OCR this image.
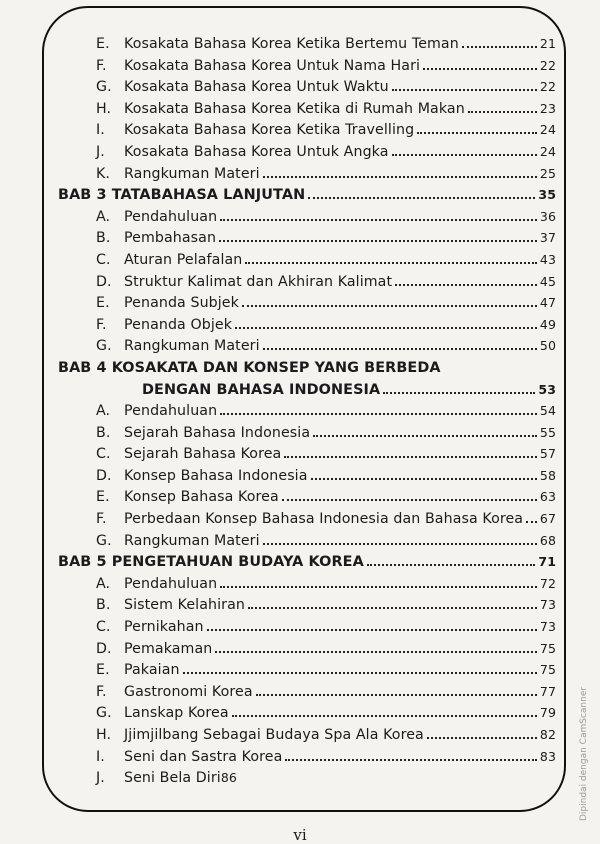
E.	Kosakata Bahasa Korea Ketika Bertemu Teman	21
F.	Kosakata Bahasa Korea Untuk Nama Hari	22
G. Kosakata Bahasa Korea Untuk Waktu	22
H. Kosakata Bahasa Korea Ketika di Rumah Makan	23
I.	Kosakata Bahasa Korea Ketika Travelling	24
J.	Kosakata Bahasa Korea Untuk Angka	24
K. Rangkuman Materi	25
BAB 3 TATABAHASA LANJUTAN	35
A. Pendahuluan	36
B. Pembahasan	37
C. Aturan Pelafalan	43
D. Struktur Kalimat dan Akhiran Kalimat	45
E.	Penanda Subjek	47
F.	Penanda Objek	49
G. Rangkuman Materi	50
BAB 4 KOSAKATA DAN KONSEP YANG BERBEDA
DENGAN BAHASA INDONESIA	53
A. Pendahuluan	54
B. Sejarah Bahasa Indonesia	55
C. Sejarah Bahasa Korea	57
D. Konsep Bahasa Indonesia	58
E.	Konsep Bahasa Korea	63
F.	Perbedaan Konsep Bahasa Indonesia dan Bahasa Korea 67
G. Rangkuman Materi	68
BAB 5 PENGETAHUAN BUDAYA KOREA	71
A. Pendahuluan	72
B. Sistem Kelahiran	73
C. Pernikahan	73
D. Pemakaman	75
E.	Pakaian	75
F.	Gastronomi Korea	77
G. Lanskap Korea	79
H. Jjimjilbang Sebagai Budaya Spa Ala Korea	82
I.	Seni dan Sastra Korea	83
J.	Seni Bela Diri 86
vi
Dipindai dengan CamScanner
